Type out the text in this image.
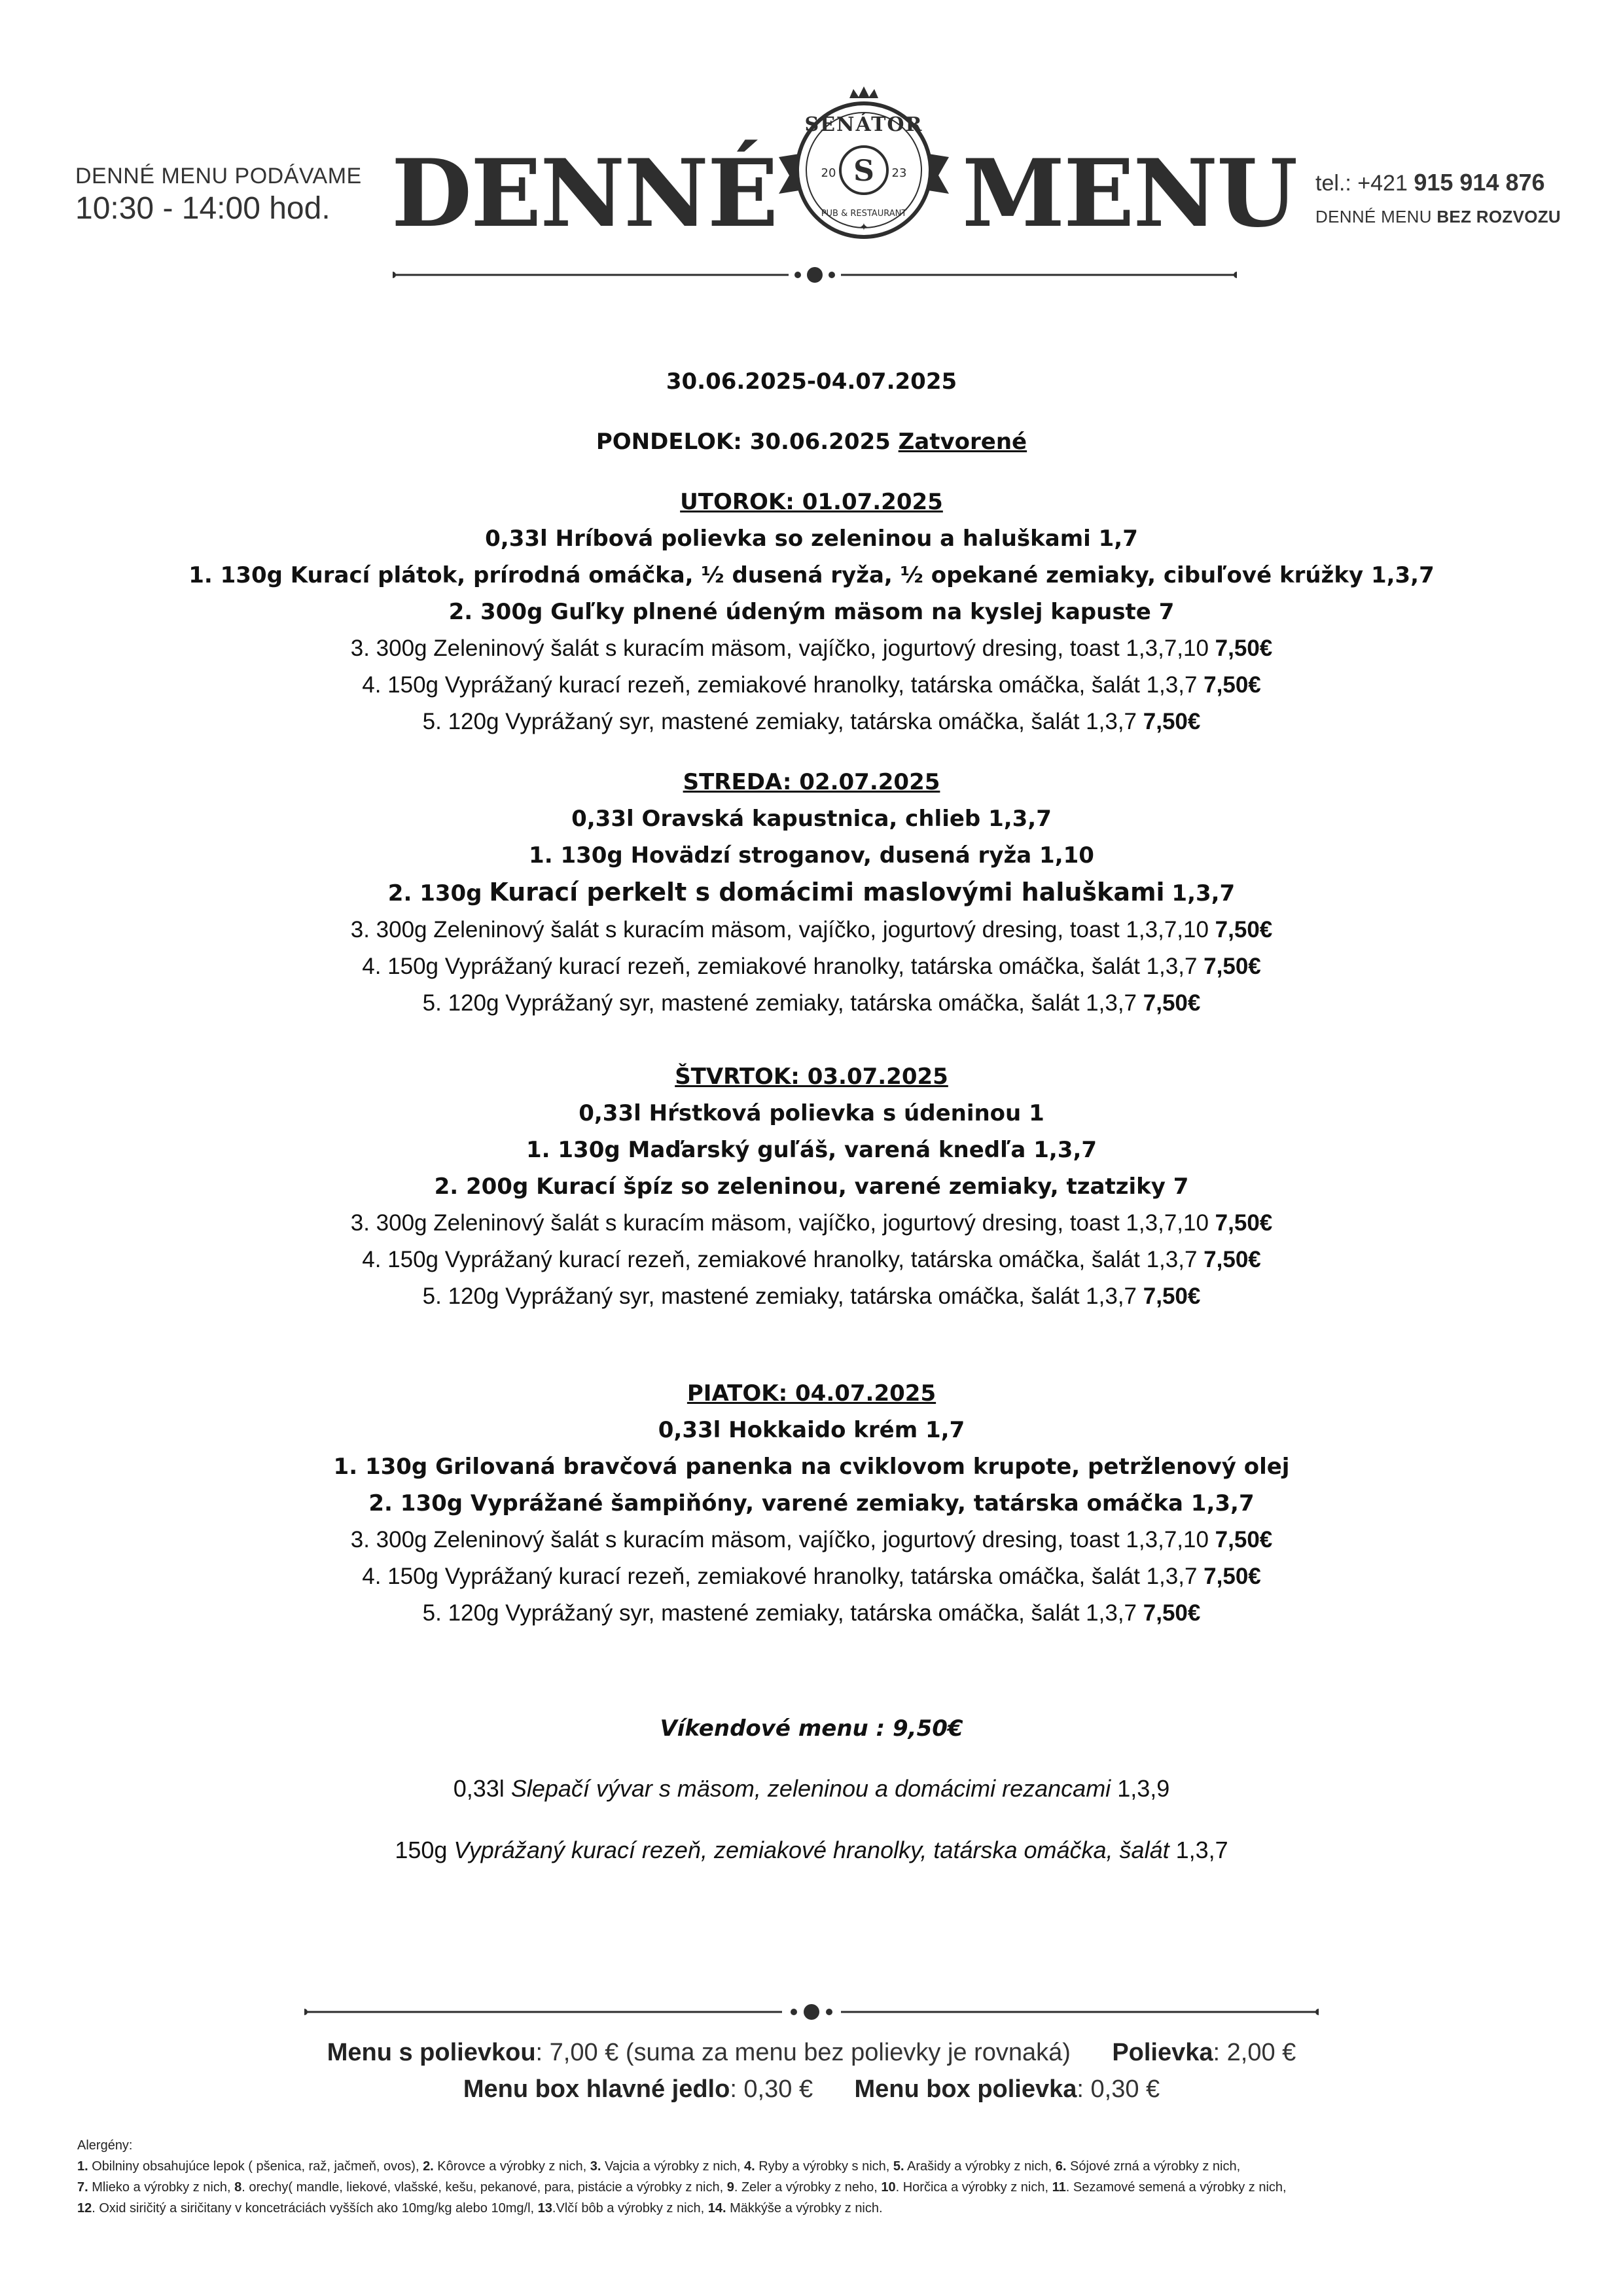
DENNÉ MENU PODÁVAME
10:30 - 14:00 hod. DENNÉ MENU
S
SENÁTOR
20	23
PUB & RESTAURANT
✦
tel.: +421 915 914 876
DENNÉ MENU BEZ ROZVOZU
30.06.2025-04.07.2025
PONDELOK: 30.06.2025 Zatvorené
UTOROK: 01.07.2025
0,33l Hríbová polievka so zeleninou a haluškami 1,7
1. 130g Kurací plátok, prírodná omáčka, ½ dusená ryža, ½ opekané zemiaky, cibuľové krúžky 1,3,7
2. 300g Guľky plnené údeným mäsom na kyslej kapuste 7
3. 300g Zeleninový šalát s kuracím mäsom, vajíčko, jogurtový dresing, toast 1,3,7,10 7,50€
4. 150g Vyprážaný kurací rezeň, zemiakové hranolky, tatárska omáčka, šalát 1,3,7 7,50€
5. 120g Vyprážaný syr, mastené zemiaky, tatárska omáčka, šalát 1,3,7 7,50€
STREDA: 02.07.2025
0,33l Oravská kapustnica, chlieb 1,3,7
1. 130g Hovädzí stroganov, dusená ryža 1,10
2. 130g Kurací perkelt s domácimi maslovými haluškami 1,3,7
3. 300g Zeleninový šalát s kuracím mäsom, vajíčko, jogurtový dresing, toast 1,3,7,10 7,50€
4. 150g Vyprážaný kurací rezeň, zemiakové hranolky, tatárska omáčka, šalát 1,3,7 7,50€
5. 120g Vyprážaný syr, mastené zemiaky, tatárska omáčka, šalát 1,3,7 7,50€
ŠTVRTOK: 03.07.2025
0,33l Hŕstková polievka s údeninou 1
1. 130g Maďarský guľáš, varená knedľa 1,3,7
2. 200g Kurací špíz so zeleninou, varené zemiaky, tzatziky 7
3. 300g Zeleninový šalát s kuracím mäsom, vajíčko, jogurtový dresing, toast 1,3,7,10 7,50€
4. 150g Vyprážaný kurací rezeň, zemiakové hranolky, tatárska omáčka, šalát 1,3,7 7,50€
5. 120g Vyprážaný syr, mastené zemiaky, tatárska omáčka, šalát 1,3,7 7,50€
PIATOK: 04.07.2025
0,33l Hokkaido krém 1,7
1. 130g Grilovaná bravčová panenka na cviklovom krupote, petržlenový olej
2. 130g Vyprážané šampiňóny, varené zemiaky, tatárska omáčka 1,3,7
3. 300g Zeleninový šalát s kuracím mäsom, vajíčko, jogurtový dresing, toast 1,3,7,10 7,50€
4. 150g Vyprážaný kurací rezeň, zemiakové hranolky, tatárska omáčka, šalát 1,3,7 7,50€
5. 120g Vyprážaný syr, mastené zemiaky, tatárska omáčka, šalát 1,3,7 7,50€
Víkendové menu : 9,50€
0,33l Slepačí vývar s mäsom, zeleninou a domácimi rezancami 1,3,9
150g Vyprážaný kurací rezeň, zemiakové hranolky, tatárska omáčka, šalát 1,3,7
Menu s polievkou: 7,00 € (suma za menu bez polievky je rovnaká) Polievka: 2,00 €
Menu box hlavné jedlo: 0,30 € Menu box polievka: 0,30 €
Alergény:
1. Obilniny obsahujúce lepok ( pšenica, raž, jačmeň, ovos), 2. Kôrovce a výrobky z nich, 3. Vajcia a výrobky z nich, 4. Ryby a výrobky s nich, 5. Arašidy a výrobky z nich, 6. Sójové zrná a výrobky z nich,
7. Mlieko a výrobky z nich, 8. orechy( mandle, liekové, vlašské, kešu, pekanové, para, pistácie a výrobky z nich, 9. Zeler a výrobky z neho, 10. Horčica a výrobky z nich, 11. Sezamové semená a výrobky z nich,
12. Oxid siričitý a siričitany v koncetráciách vyšších ako 10mg/kg alebo 10mg/l, 13.Vlčí bôb a výrobky z nich, 14. Mäkkýše a výrobky z nich.
